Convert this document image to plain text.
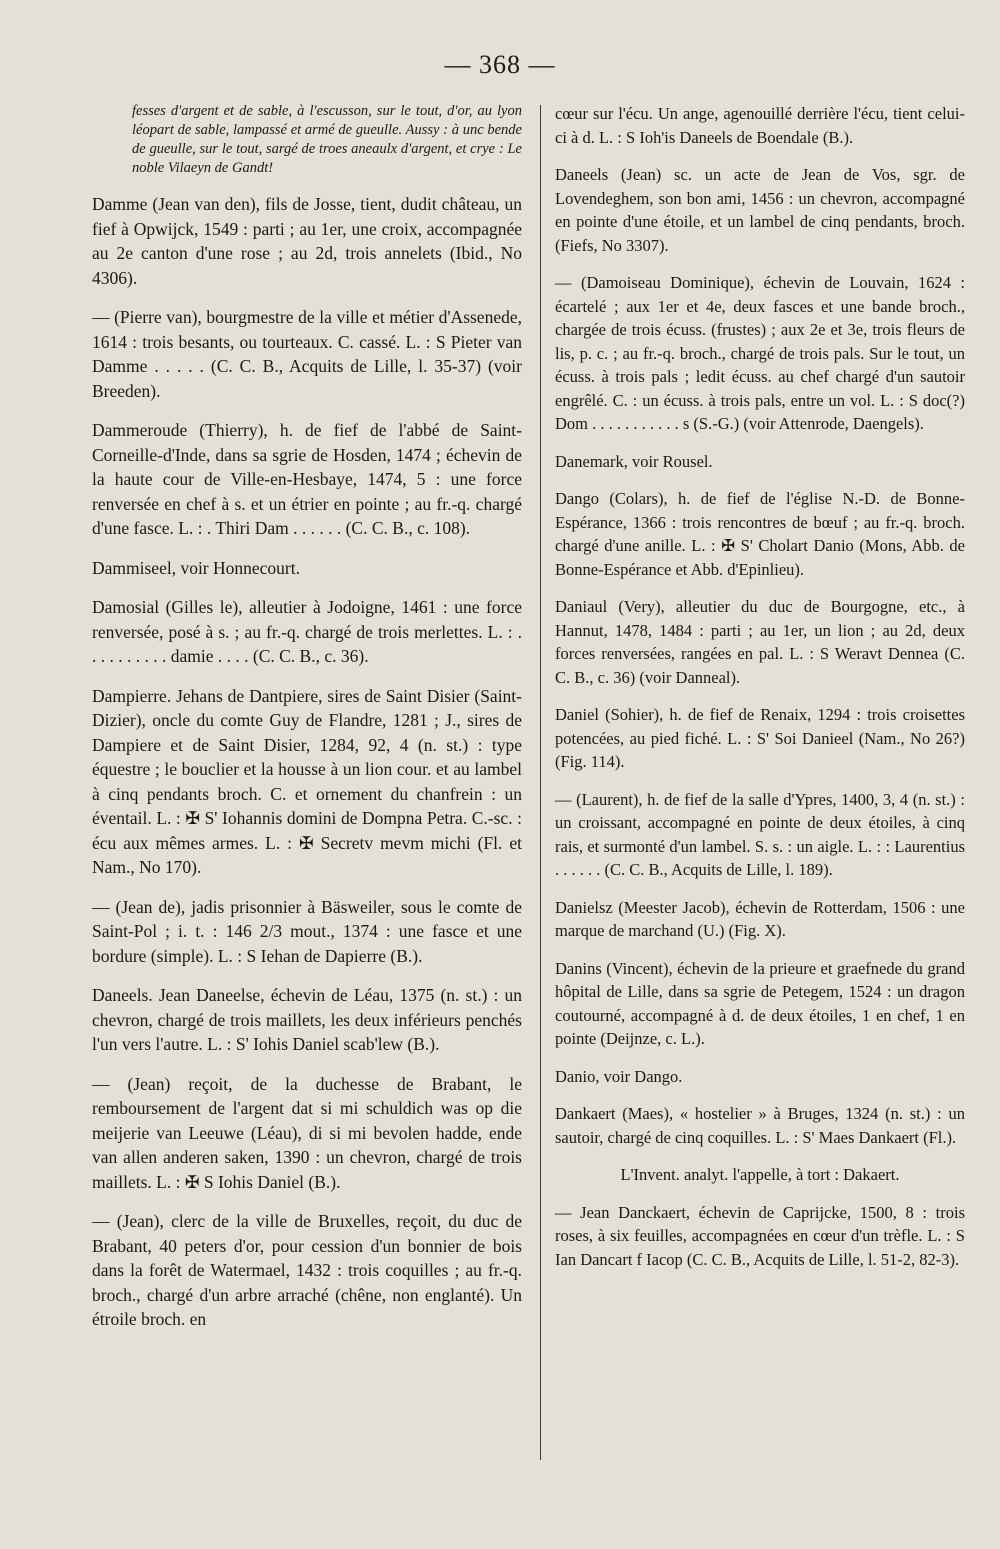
— 368 —

fesses d'argent et de sable, à l'escusson, sur le tout, d'or, au lyon léopart de sable, lampassé et armé de gueulle. Aussy : à unc bende de gueulle, sur le tout, sargé de troes aneaulx d'argent, et crye : Le noble Vilaeyn de Gandt!

Damme (Jean van den), fils de Josse, tient, dudit château, un fief à Opwijck, 1549 : parti ; au 1er, une croix, accompagnée au 2e canton d'une rose ; au 2d, trois annelets (Ibid., No 4306).

— (Pierre van), bourgmestre de la ville et métier d'Assenede, 1614 : trois besants, ou tourteaux. C. cassé. L. : S Pieter van Damme . . . . . (C. C. B., Acquits de Lille, l. 35-37) (voir Breeden).

Dammeroude (Thierry), h. de fief de l'abbé de Saint-Corneille-d'Inde, dans sa sgrie de Hosden, 1474 ; échevin de la haute cour de Ville-en-Hesbaye, 1474, 5 : une force renversée en chef à s. et un étrier en pointe ; au fr.-q. chargé d'une fasce. L. : . Thiri Dam . . . . . . (C. C. B., c. 108).

Dammiseel, voir Honnecourt.

Damosial (Gilles le), alleutier à Jodoigne, 1461 : une force renversée, posé à s. ; au fr.-q. chargé de trois merlettes. L. : . . . . . . . . . . damie . . . . (C. C. B., c. 36).

Dampierre. Jehans de Dantpiere, sires de Saint Disier (Saint-Dizier), oncle du comte Guy de Flandre, 1281 ; J., sires de Dampiere et de Saint Disier, 1284, 92, 4 (n. st.) : type équestre ; le bouclier et la housse à un lion cour. et au lambel à cinq pendants broch. C. et ornement du chanfrein : un éventail. L. : ✠ S' Iohannis domini de Dompna Petra. C.-sc. : écu aux mêmes armes. L. : ✠ Secretv mevm michi (Fl. et Nam., No 170).

— (Jean de), jadis prisonnier à Bäsweiler, sous le comte de Saint-Pol ; i. t. : 146 2/3 mout., 1374 : une fasce et une bordure (simple). L. : S Iehan de Dapierre (B.).

Daneels. Jean Daneelse, échevin de Léau, 1375 (n. st.) : un chevron, chargé de trois maillets, les deux inférieurs penchés l'un vers l'autre. L. : S' Iohis Daniel scab'lew (B.).

— (Jean) reçoit, de la duchesse de Brabant, le remboursement de l'argent dat si mi schuldich was op die meijerie van Leeuwe (Léau), di si mi bevolen hadde, ende van allen anderen saken, 1390 : un chevron, chargé de trois maillets. L. : ✠ S Iohis Daniel (B.).

— (Jean), clerc de la ville de Bruxelles, reçoit, du duc de Brabant, 40 peters d'or, pour cession d'un bonnier de bois dans la forêt de Watermael, 1432 : trois coquilles ; au fr.-q. broch., chargé d'un arbre arraché (chêne, non englanté). Un étroile broch. en

cœur sur l'écu. Un ange, agenouillé derrière l'écu, tient celui-ci à d. L. : S Ioh'is Daneels de Boendale (B.).

Daneels (Jean) sc. un acte de Jean de Vos, sgr. de Lovendeghem, son bon ami, 1456 : un chevron, accompagné en pointe d'une étoile, et un lambel de cinq pendants, broch. (Fiefs, No 3307).

— (Damoiseau Dominique), échevin de Louvain, 1624 : écartelé ; aux 1er et 4e, deux fasces et une bande broch., chargée de trois écuss. (frustes) ; aux 2e et 3e, trois fleurs de lis, p. c. ; au fr.-q. broch., chargé de trois pals. Sur le tout, un écuss. à trois pals ; ledit écuss. au chef chargé d'un sautoir engrêlé. C. : un écuss. à trois pals, entre un vol. L. : S doc(?) Dom . . . . . . . . . . . s (S.-G.) (voir Attenrode, Daengels).

Danemark, voir Rousel.

Dango (Colars), h. de fief de l'église N.-D. de Bonne-Espérance, 1366 : trois rencontres de bœuf ; au fr.-q. broch. chargé d'une anille. L. : ✠ S' Cholart Danio (Mons, Abb. de Bonne-Espérance et Abb. d'Epinlieu).

Daniaul (Very), alleutier du duc de Bourgogne, etc., à Hannut, 1478, 1484 : parti ; au 1er, un lion ; au 2d, deux forces renversées, rangées en pal. L. : S Weravt Dennea (C. C. B., c. 36) (voir Danneal).

Daniel (Sohier), h. de fief de Renaix, 1294 : trois croisettes potencées, au pied fiché. L. : S' Soi Danieel (Nam., No 26?) (Fig. 114).

— (Laurent), h. de fief de la salle d'Ypres, 1400, 3, 4 (n. st.) : un croissant, accompagné en pointe de deux étoiles, à cinq rais, et surmonté d'un lambel. S. s. : un aigle. L. : : Laurentius . . . . . . (C. C. B., Acquits de Lille, l. 189).

Danielsz (Meester Jacob), échevin de Rotterdam, 1506 : une marque de marchand (U.) (Fig. X).

Danins (Vincent), échevin de la prieure et graefnede du grand hôpital de Lille, dans sa sgrie de Petegem, 1524 : un dragon coutourné, accompagné à d. de deux étoiles, 1 en chef, 1 en pointe (Deijnze, c. L.).

Danio, voir Dango.

Dankaert (Maes), « hostelier » à Bruges, 1324 (n. st.) : un sautoir, chargé de cinq coquilles. L. : S' Maes Dankaert (Fl.).

L'Invent. analyt. l'appelle, à tort : Dakaert.

— Jean Danckaert, échevin de Caprijcke, 1500, 8 : trois roses, à six feuilles, accompagnées en cœur d'un trèfle. L. : S Ian Dancart f Iacop (C. C. B., Acquits de Lille, l. 51-2, 82-3).
